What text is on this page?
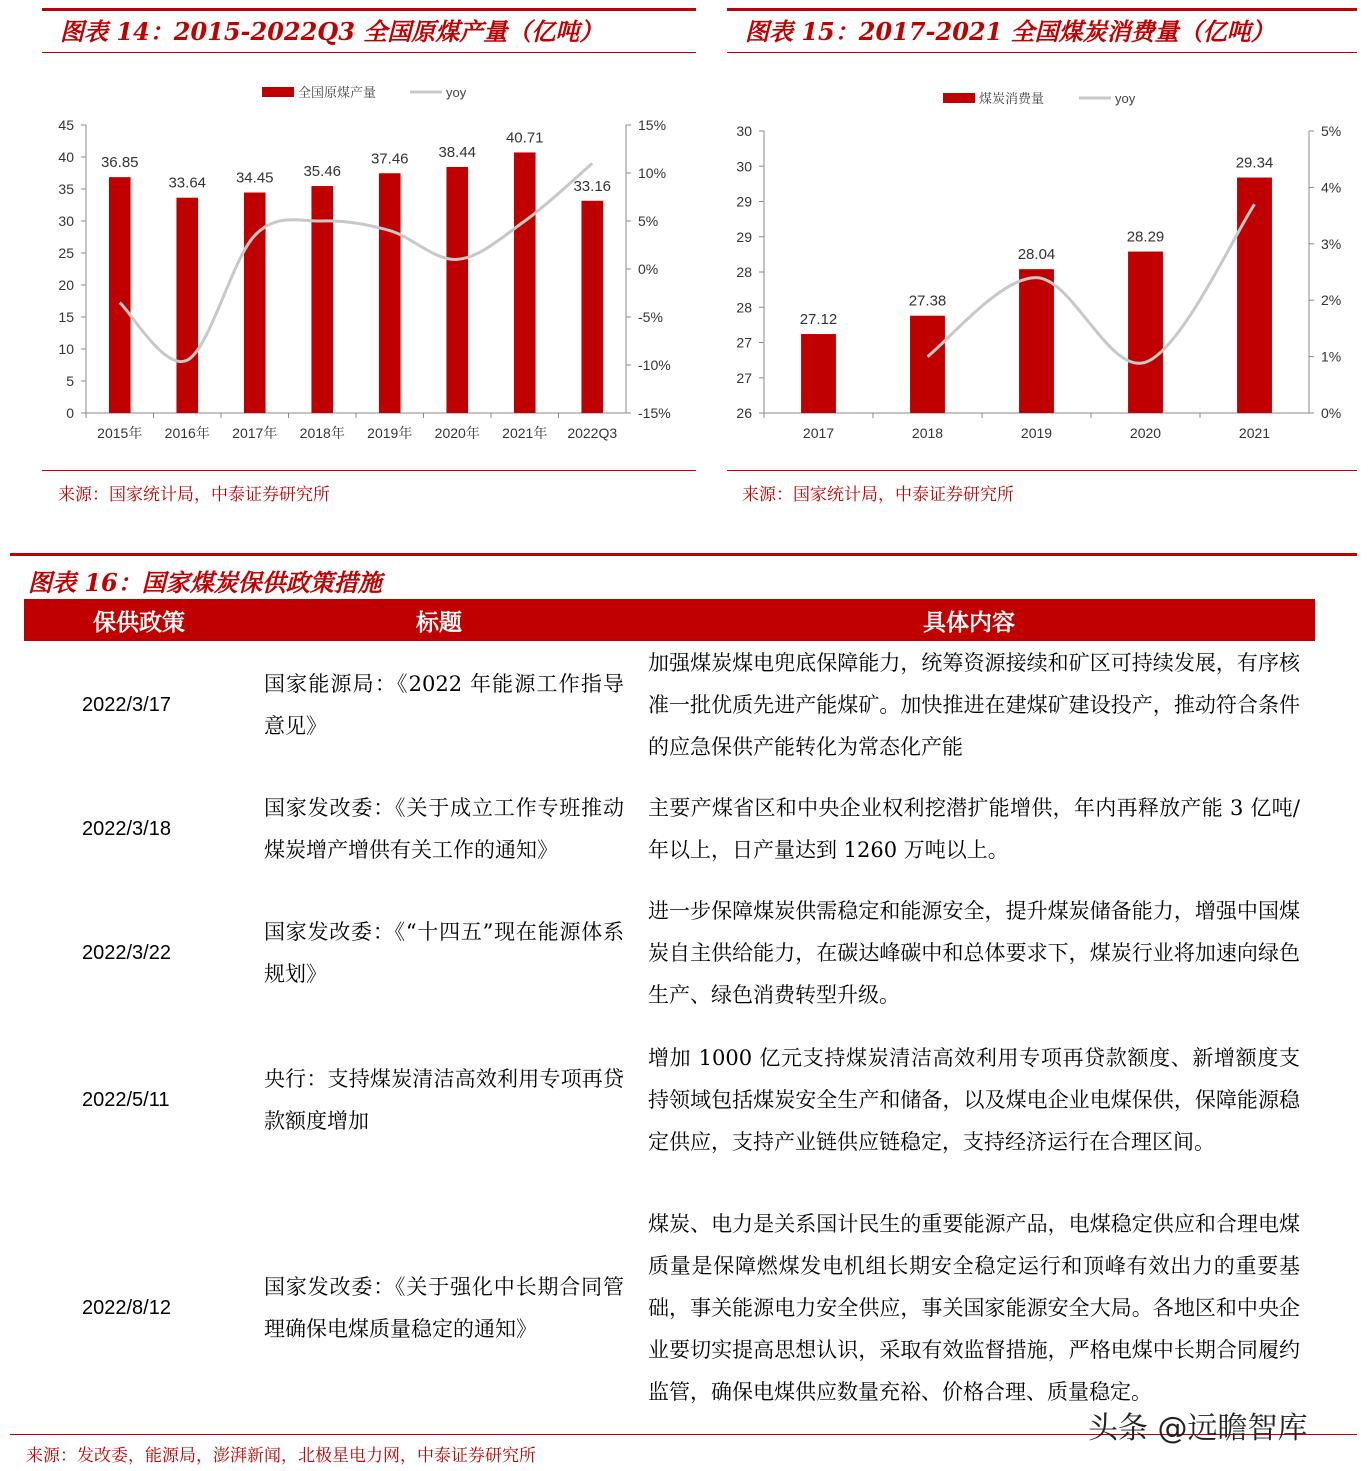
图表 14：2015-2022Q3 全国原煤产量（亿吨）
0
5
10
15
20
25
30
35
40
45
-15%
-10%
-5%
0%
5%
10%
15%
36.85
33.64 34.45 35.46
37.46 38.44
40.71
33.16
2015年 2016年 2017年 2018年 2019年 2020年 2021年 2022Q3
全国原煤产量	yoy
来源：国家统计局，中泰证券研究所
图表 15：2017-2021 全国煤炭消费量（亿吨）
26
27
27
28
28
29
29
30
30
0%
1%
2%
3%
4%
5%
27.12
27.38
28.04
28.29
29.34
2017	2018	2019	2020	2021
煤炭消费量	yoy
来源：国家统计局，中泰证券研究所
图表 16：国家煤炭保供政策措施
保供政策	标题	具体内容
2022/3/17
国家能源局：《2022 年能源工作指导意见》
加强煤炭煤电兜底保障能力，统筹资源接续和矿区可持续发展，有序核准一批优质先进产能煤矿。加快推进在建煤矿建设投产，推动符合条件的应急保供产能转化为常态化产能
2022/3/18
国家发改委：《关于成立工作专班推动煤炭增产增供有关工作的通知》
主要产煤省区和中央企业权利挖潜扩能增供，年内再释放产能 3 亿吨/年以上，日产量达到 1260 万吨以上。
2022/3/22
国家发改委：《“十四五”现在能源体系规划》
进一步保障煤炭供需稳定和能源安全，提升煤炭储备能力，增强中国煤炭自主供给能力，在碳达峰碳中和总体要求下，煤炭行业将加速向绿色生产、绿色消费转型升级。
2022/5/11
央行：支持煤炭清洁高效利用专项再贷款额度增加
增加 1000 亿元支持煤炭清洁高效利用专项再贷款额度、新增额度支持领域包括煤炭安全生产和储备，以及煤电企业电煤保供，保障能源稳定供应，支持产业链供应链稳定，支持经济运行在合理区间。
2022/8/12
国家发改委：《关于强化中长期合同管理确保电煤质量稳定的通知》
煤炭、电力是关系国计民生的重要能源产品，电煤稳定供应和合理电煤质量是保障燃煤发电机组长期安全稳定运行和顶峰有效出力的重要基础，事关能源电力安全供应，事关国家能源安全大局。各地区和中央企业要切实提高思想认识，采取有效监督措施，严格电煤中长期合同履约监管，确保电煤供应数量充裕、价格合理、质量稳定。
来源：发改委，能源局，澎湃新闻，北极星电力网，中泰证券研究所
头条 @远瞻智库
